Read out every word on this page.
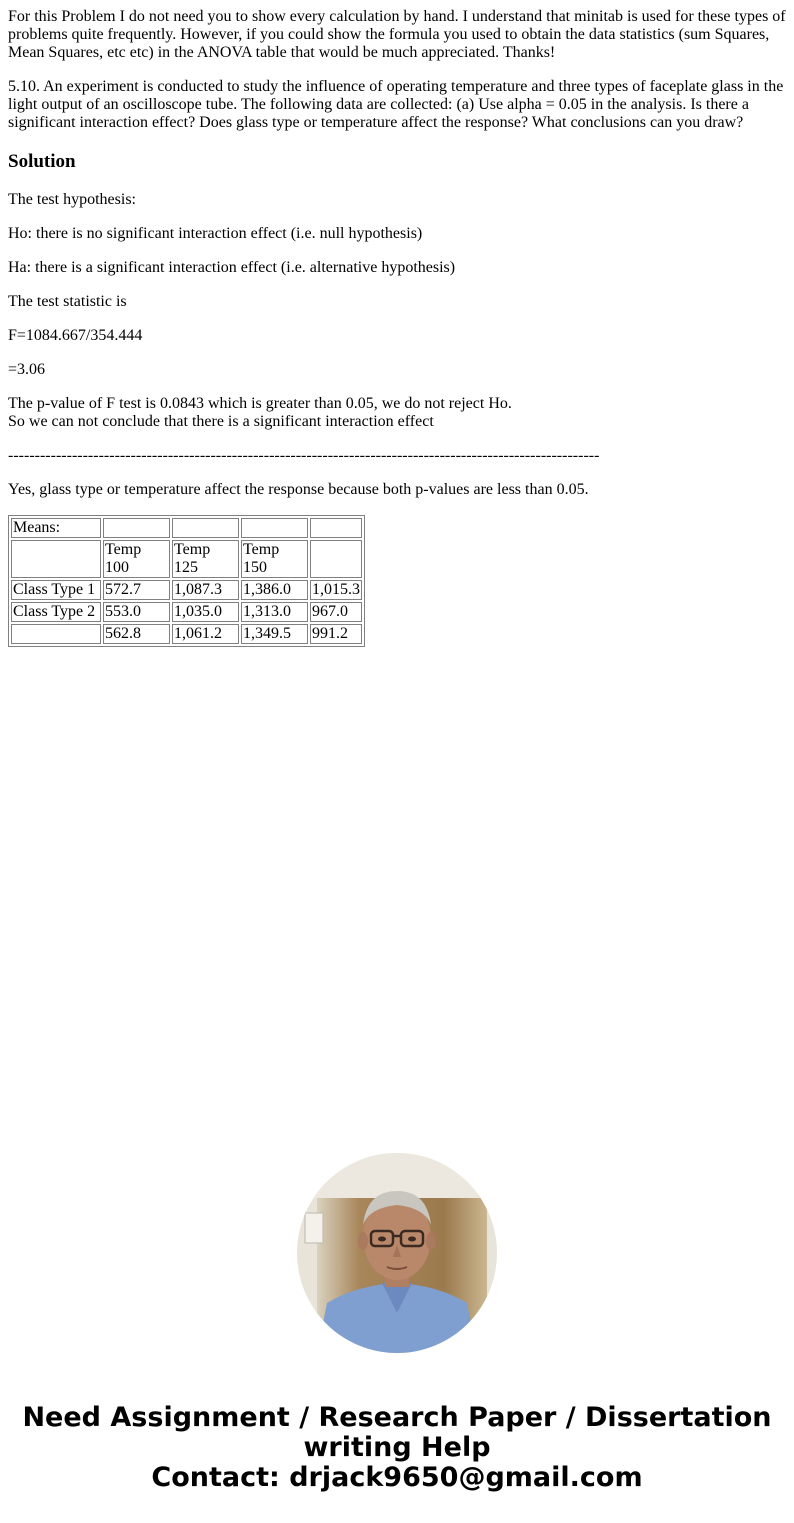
For this Problem I do not need you to show every calculation by hand. I understand that minitab is used for these types of problems quite frequently. However, if you could show the formula you used to obtain the data statistics (sum Squares, Mean Squares, etc etc) in the ANOVA table that would be much appreciated. Thanks!

5.10. An experiment is conducted to study the influence of operating temperature and three types of faceplate glass in the light output of an oscilloscope tube. The following data are collected: (a) Use alpha = 0.05 in the analysis. Is there a significant interaction effect? Does glass type or temperature affect the response? What conclusions can you draw?

Solution

The test hypothesis:

Ho: there is no significant interaction effect (i.e. null hypothesis)

Ha: there is a significant interaction effect (i.e. alternative hypothesis)

The test statistic is

F=1084.667/354.444

=3.06

The p-value of F test is 0.0843 which is greater than 0.05, we do not reject Ho.
So we can not conclude that there is a significant interaction effect

---------------------------------------------------------------------------------------------------------------

Yes, glass type or temperature affect the response because both p-values are less than 0.05.

Means:				
	Temp 100	Temp 125	Temp 150	
Class Type 1	572.7	1,087.3	1,386.0	1,015.3
Class Type 2	553.0	1,035.0	1,313.0	967.0
	562.8	1,061.2	1,349.5	991.2
Need Assignment / Research Paper / Dissertation
writing Help
Contact: drjack9650@gmail.com
